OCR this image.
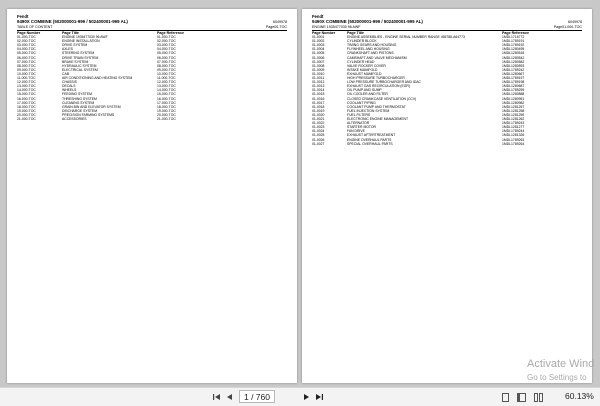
Fendt
9490X COMBINE (502000001-999 / 502400001-999 AL)	6049978
TABLE OF CONTENT	Page00-TOC
Page Number	Page Title	Page Reference
01-000-TOC	ENGINE 1935477030 96 AWF	01-000-TOC
02-000-TOC	ENGINE INSTALLATION	02-000-TOC
03-000-TOC	DRIVE SYSTEM	03-000-TOC
04-000-TOC	AXLES	04-000-TOC
05-000-TOC	STEERING SYSTEM	05-000-TOC
06-000-TOC	DRIVE TRAIN SYSTEM	06-000-TOC
07-000-TOC	BRAKE SYSTEM	07-000-TOC
08-000-TOC	HYDRAULIC SYSTEM	08-000-TOC
09-000-TOC	ELECTRICAL SYSTEM	09-000-TOC
10-000-TOC	CAB	10-000-TOC
11-000-TOC	AIR CONDITIONING AND HEATING SYSTEM	11-000-TOC
12-000-TOC	CHASSIS	12-000-TOC
13-000-TOC	DECALS	13-000-TOC
14-000-TOC	WHEELS	14-000-TOC
15-000-TOC	FEEDING SYSTEM	15-000-TOC
16-000-TOC	THRESHING SYSTEM	16-000-TOC
17-000-TOC	CLEANING SYSTEM	17-000-TOC
18-000-TOC	GRAIN BIN AND ELEVATOR SYSTEM	18-000-TOC
19-000-TOC	DISCHARGE SYSTEM	19-000-TOC
20-000-TOC	PRECISION FARMING SYSTEMS	20-000-TOC
21-000-TOC	ACCESSORIES	21-000-TOC
Fendt
9490X COMBINE (502000001-999 / 502400001-999 AL)	6049978
ENGINE 1935477030 96 AWF	Page01-000-TOC
Page Number	Page Title	Page Reference
01-0001	ENGINE ASSEMBLIES - ENGINE SERIAL NUMBER RANGE 465788-A64773	1MDL1716772
01-0002	CYLINDER BLOCK	1MDL1789191
01-0003	TIMING GEARS AND HOUSING	1MDL1789192
01-0004	FLYWHEEL AND HOUSING	1MDL1280495
01-0005	CRANKSHAFT AND PISTONS	1MDL1280518
01-0006	CAMSHAFT AND VALVE MECHANISM	1MDL1280542
01-0007	CYLINDER HEAD	1MDL1280582
01-0008	VALVE ROCKER COVER	1MDL1280593
01-0009	INTAKE MANIFOLD	1MDL1789242
01-0010	EXHAUST MANIFOLD	1MDL1280667
01-0011	HIGH PRESSURE TURBOCHARGER	1MDL1789197
01-0012	LOW PRESSURE TURBOCHARGER AND IDAC	1MDL1789198
01-0013	EXHAUST GAS RECIRCULATION (EGR)	1MDL1280687
01-0014	OIL PUMP AND SUMP	1MDL1789259
01-0015	OIL COOLER AND FILTER	1MDL1280888
01-0016	CLOSED CRANKCASE VENTILATION (CCV)	1MDL1280951
01-0017	COOLANT PIPING	1MDL1280982
01-0018	COOLANT PUMP AND THERMOSTAT	1MDL1281257
01-0019	FUEL INJECTION SYSTEM	1MDL1281258
01-0020	FUEL FILTERS	1MDL1281259
01-0021	ELECTRONIC ENGINE MANAGEMENT	1MDL1281262
01-0022	ALTERNATOR	1MDL1789243
01-0023	STARTER MOTOR	1MDL1281277
01-0024	FAN DRIVE	1MDL1789244
01-0025	EXHAUST AFTERTREATMENT	1MDL1281326
01-0026	ENGINE OVERHAUL PARTS	1MDL1789263
01-0027	SPECIAL OVERHAUL PARTS	1MDL1789264
Activate Wind
Go to Settings to
1 / 760	60.13%
